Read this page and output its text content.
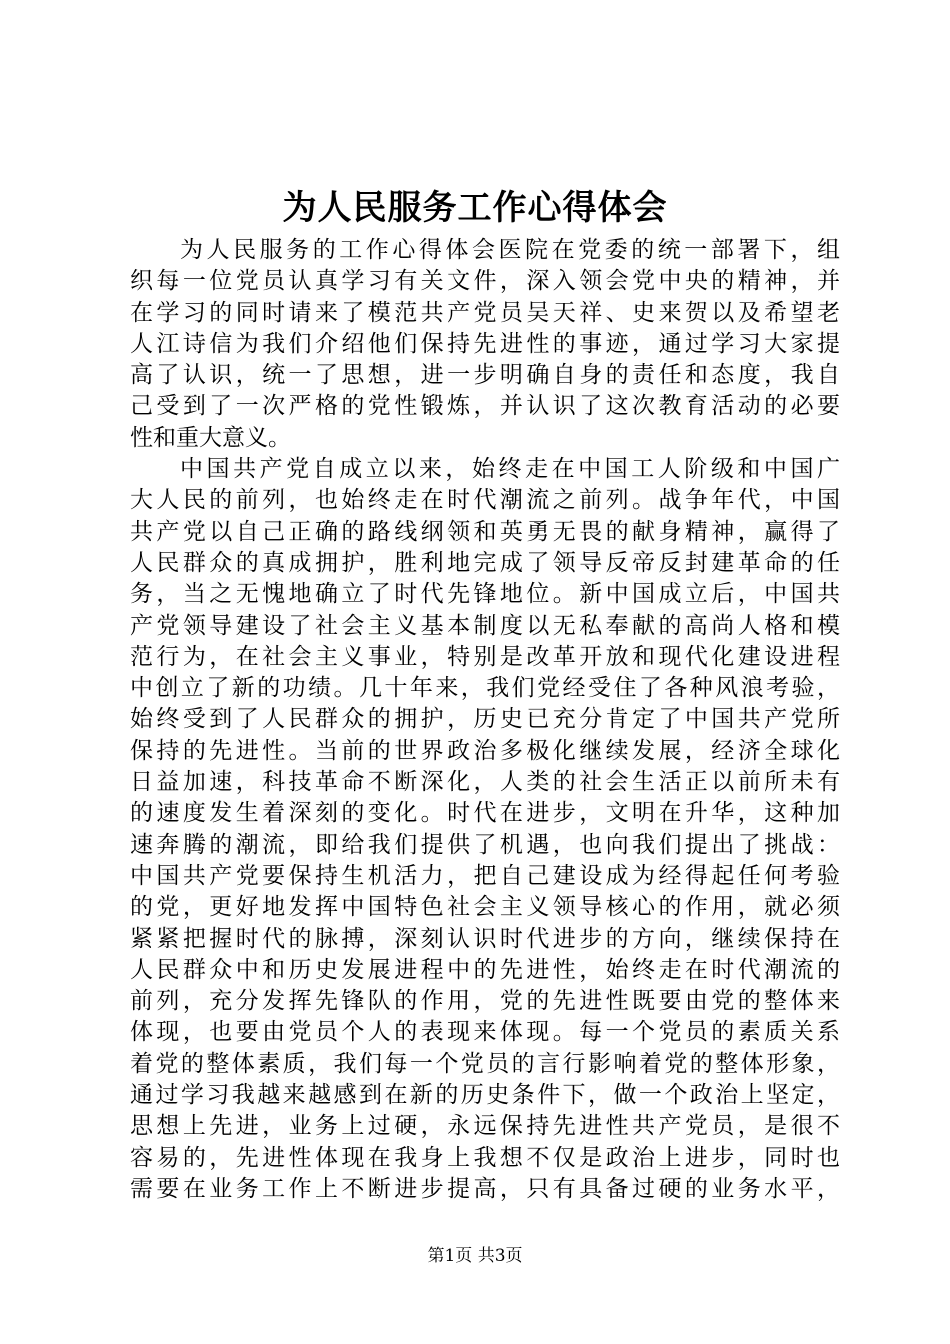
为人民服务工作心得体会
为人民服务的工作心得体会医院在党委的统一部署下，组
织每一位党员认真学习有关文件，深入领会党中央的精神，并
在学习的同时请来了模范共产党员吴天祥、史来贺以及希望老
人江诗信为我们介绍他们保持先进性的事迹，通过学习大家提
高了认识，统一了思想，进一步明确自身的责任和态度，我自
己受到了一次严格的党性锻炼，并认识了这次教育活动的必要
性和重大意义。
中国共产党自成立以来，始终走在中国工人阶级和中国广
大人民的前列，也始终走在时代潮流之前列。战争年代，中国
共产党以自己正确的路线纲领和英勇无畏的献身精神，赢得了
人民群众的真成拥护，胜利地完成了领导反帝反封建革命的任
务，当之无愧地确立了时代先锋地位。新中国成立后，中国共
产党领导建设了社会主义基本制度以无私奉献的高尚人格和模
范行为，在社会主义事业，特别是改革开放和现代化建设进程
中创立了新的功绩。几十年来，我们党经受住了各种风浪考验，
始终受到了人民群众的拥护，历史已充分肯定了中国共产党所
保持的先进性。当前的世界政治多极化继续发展，经济全球化
日益加速，科技革命不断深化，人类的社会生活正以前所未有
的速度发生着深刻的变化。时代在进步，文明在升华，这种加
速奔腾的潮流，即给我们提供了机遇，也向我们提出了挑战：
中国共产党要保持生机活力，把自己建设成为经得起任何考验
的党，更好地发挥中国特色社会主义领导核心的作用，就必须
紧紧把握时代的脉搏，深刻认识时代进步的方向，继续保持在
人民群众中和历史发展进程中的先进性，始终走在时代潮流的
前列，充分发挥先锋队的作用，党的先进性既要由党的整体来
体现，也要由党员个人的表现来体现。每一个党员的素质关系
着党的整体素质，我们每一个党员的言行影响着党的整体形象，
通过学习我越来越感到在新的历史条件下，做一个政治上坚定，
思想上先进，业务上过硬，永远保持先进性共产党员，是很不
容易的，先进性体现在我身上我想不仅是政治上进步，同时也
需要在业务工作上不断进步提高，只有具备过硬的业务水平，
第1页 共3页
